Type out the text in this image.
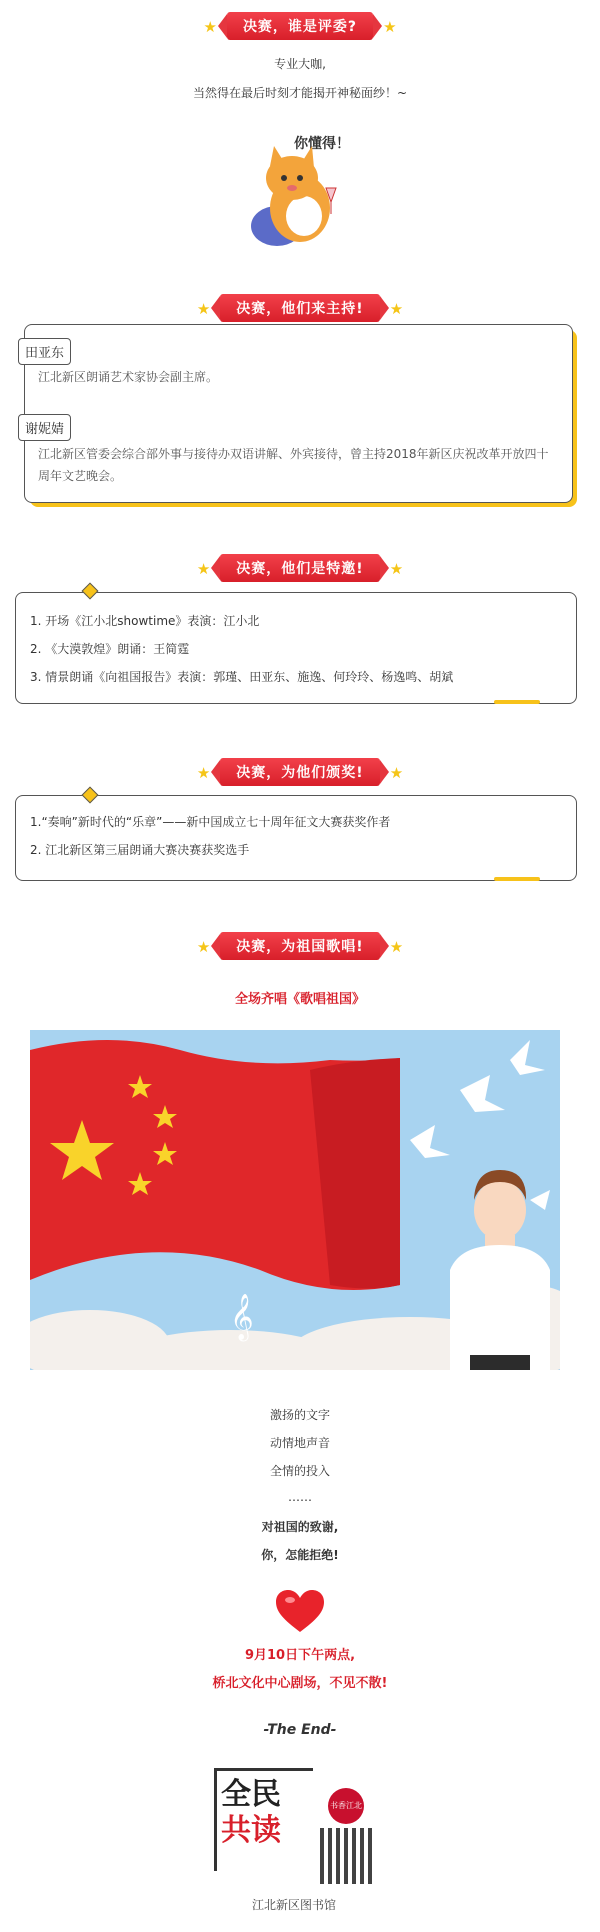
★ 决赛，谁是评委? ★
专业大咖,
当然得在最后时刻才能揭开神秘面纱！~
你懂得！
★ 决赛，他们来主持! ★
田亚东
江北新区朗诵艺术家协会副主席。
谢妮婧
江北新区管委会综合部外事与接待办双语讲解、外宾接待，曾主持2018年新区庆祝改革开放四十周年文艺晚会。
★ 决赛，他们是特邀! ★
1. 开场《江小北showtime》表演：江小北
2. 《大漠敦煌》朗诵：王简霆
3. 情景朗诵《向祖国报告》表演：郭瑾、田亚东、施逸、何玲玲、杨逸鸣、胡斌
★ 决赛，为他们颁奖! ★
1.“奏响”新时代的“乐章”——新中国成立七十周年征文大赛获奖作者
2. 江北新区第三届朗诵大赛决赛获奖选手
★ 决赛，为祖国歌唱! ★
全场齐唱《歌唱祖国》
𝄞
激扬的文字
动情地声音
全情的投入
……
对祖国的致谢,
你，怎能拒绝!
9月10日下午两点,
桥北文化中心剧场，不见不散!
-The End-
全民
共读
书香江北
江北新区图书馆
